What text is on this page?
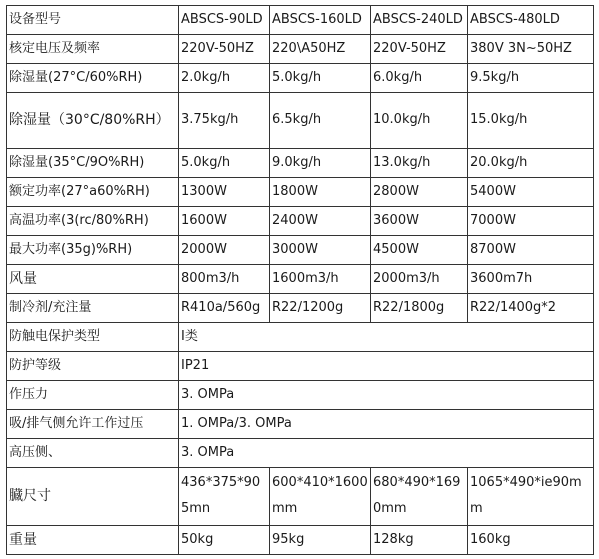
设备型号	ABSCS-90LD	ABSCS-160LD	ABSCS-240LD	ABSCS-480LD
核定电压及频率	220V-50HZ	220\A50HZ	220V-50HZ	380V 3N~50HZ
除湿量(27°C/60%RH)	2.0kg/h	5.0kg/h	6.0kg/h	9.5kg/h
除湿量（30°C/80%RH）	3.75kg/h	6.5kg/h	10.0kg/h	15.0kg/h
除湿量(35°C/9O%RH)	5.0kg/h	9.0kg/h	13.0kg/h	20.0kg/h
额定功率(27°a60%RH)	1300W	1800W	2800W	5400W
高温功率(3(rc/80%RH)	1600W	2400W	3600W	7000W
最大功率(35g)%RH)	2000W	3000W	4500W	8700W
风量	800m3/h	1600m3/h	2000m3/h	3600m7h
制冷剂/充注量	R410a/560g	R22/1200g	R22/1800g	R22/1400g*2
防触电保护类型	I类			
防护等级	IP21			
作压力	3. OMPa			
吸/排气侧允许工作过压	1. OMPa/3. OMPa			
高压侧、	3. OMPa			
臓尺寸	436*375*905mn	600*410*1600mm	680*490*1690mm	1065*490*ie90mm
重量	50kg	95kg	128kg	160kg
